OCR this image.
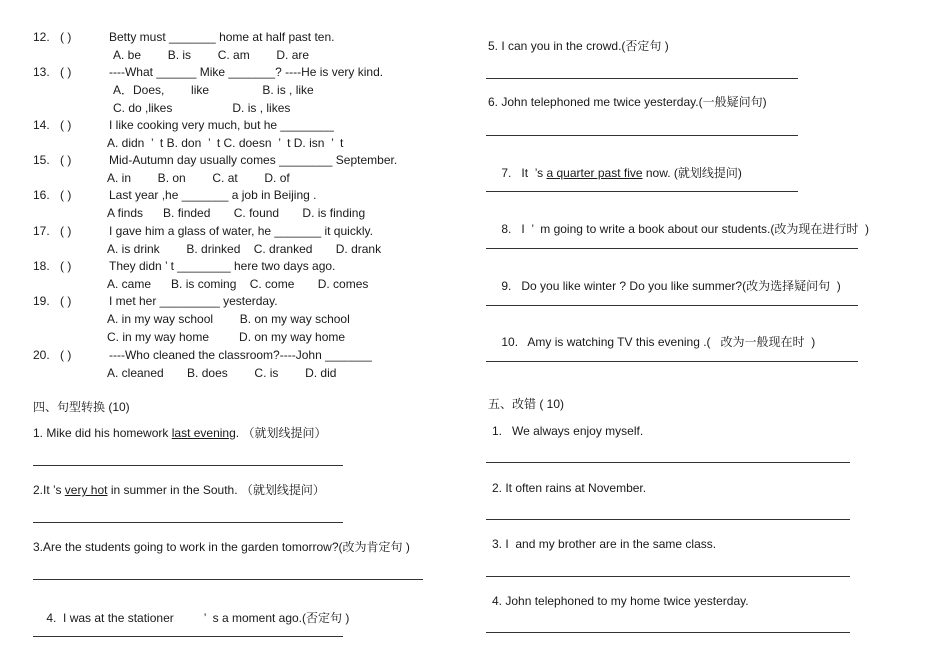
12. ( )	Betty must _______ home at half past ten.
A. be        B. is        C. am        D. are
13. ( )	----What ______ Mike _______? ----He is very kind.
A．Does,        like                B. is , like
C. do ,likes                  D. is , likes
14. ( )	I like cooking very much, but he ________
A. didn  ’  t B. don  ’  t C. doesn  ’  t D. isn  ’  t
15. ( )	Mid-Autumn day usually comes ________ September.
A. in        B. on        C. at        D. of
16. ( )	Last year ,he _______ a job in Beijing .
A finds      B. finded       C. found       D. is finding
17. ( )	I gave him a glass of water, he _______ it quickly.
A. is drink        B. drinked    C. dranked       D. drank
18. ( )	They didn ’ t ________ here two days ago.
A. came      B. is coming    C. come       D. comes
19. ( )	I met her _________ yesterday.
A. in my way school        B. on my way school
C. in my way home         D. on my way home
20. ( )	----Who cleaned the classroom?----John _______
A. cleaned       B. does        C. is        D. did
四、句型转换 (10)
1. Mike did his homework last evening. （就划线提问）
2.It ’s very hot in summer in the South. （就划线提问）
3.Are the students going to work in the garden tomorrow?(改为肯定句 )

4.  I was at the stationer         ’  s a moment ago.(否定句 )

5. I can you in the crowd.(否定句 )
6. John telephoned me twice yesterday.(一般疑问句)

7.   It  ’s a quarter past five now. (就划线提问)

8.   I  ’  m going to write a book about our students.(改为现在进行时  )

9.   Do you like winter ? Do you like summer?(改为选择疑问句  )

10.   Amy is watching TV this evening .(   改为一般现在时  )

五、改错 ( 10)
1.   We always enjoy myself.
2. It often rains at November.
3. I  and my brother are in the same class.
4. John telephoned to my home twice yesterday.
